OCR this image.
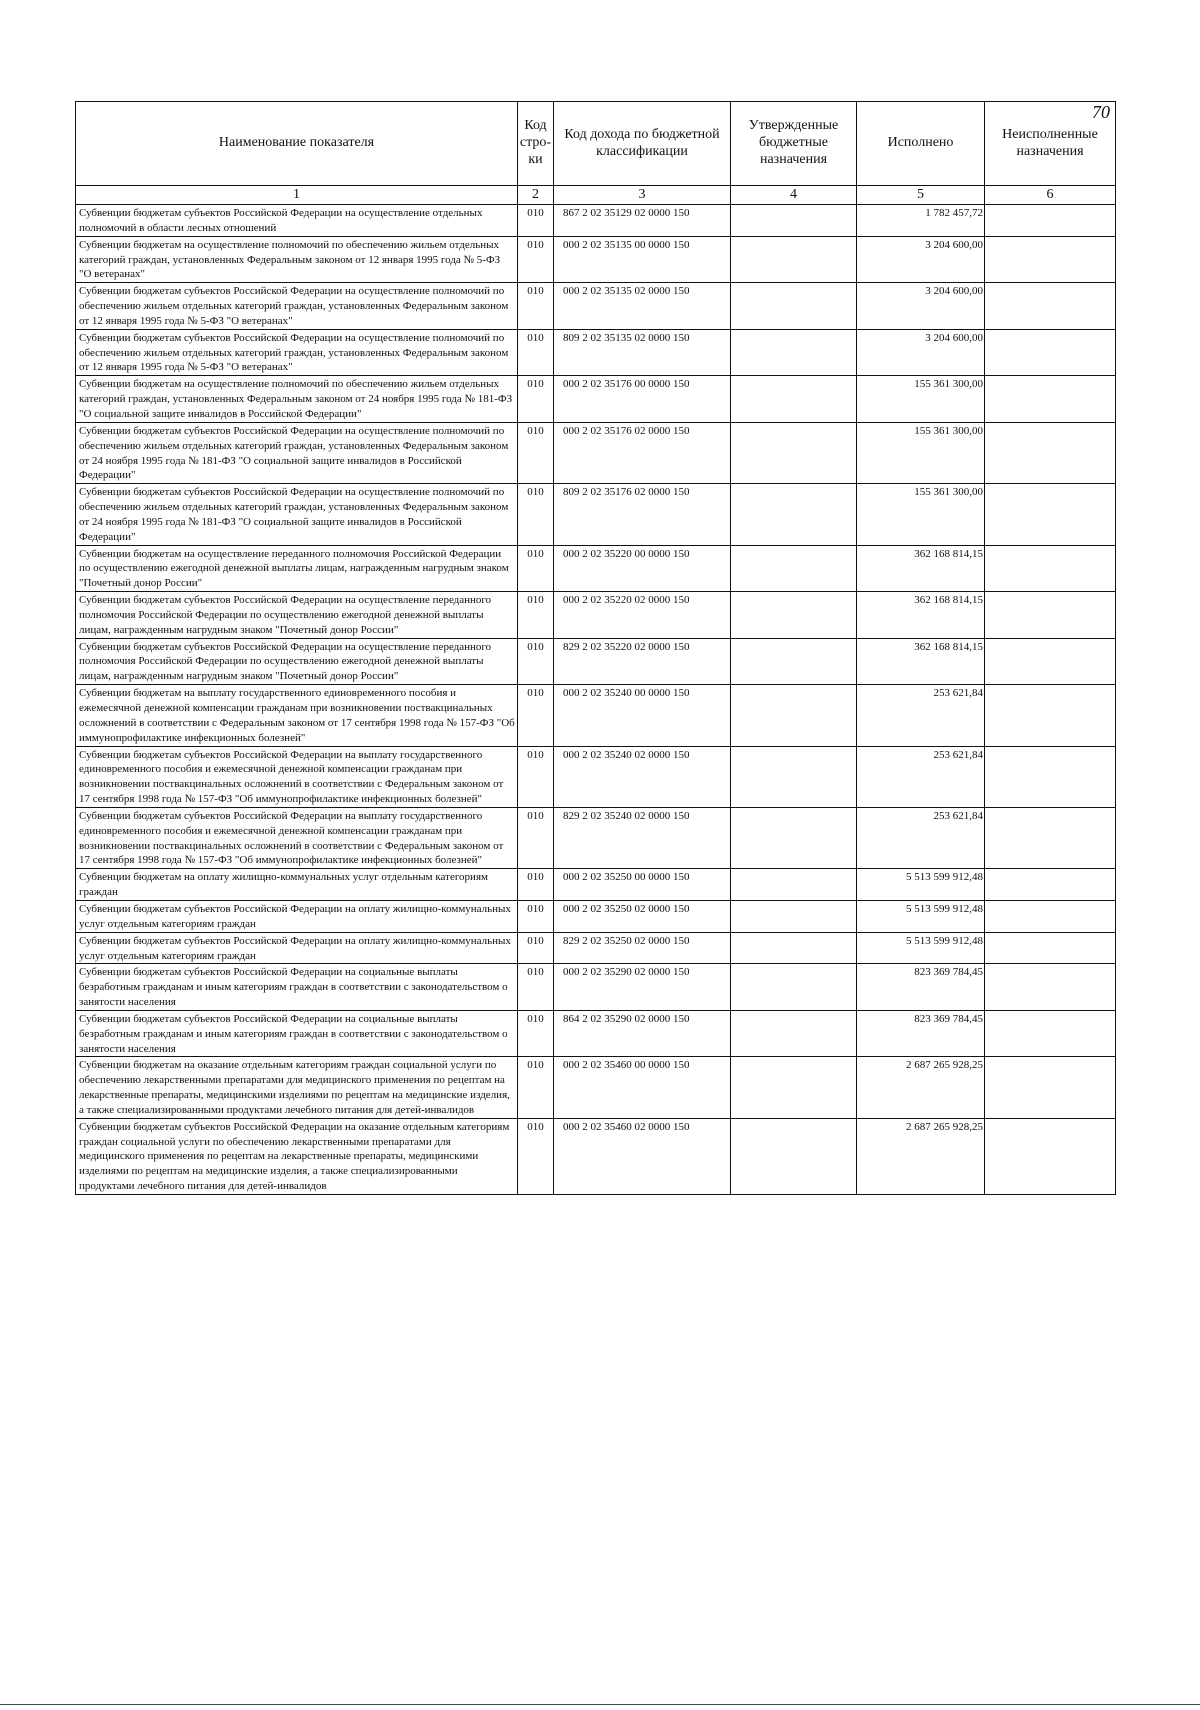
70
Наименование показателя	Код стро-ки	Код дохода по бюджетной классификации	Утвержденные бюджетные назначения	Исполнено	Неисполненные назначения
1	2	3	4	5	6
Субвенции бюджетам субъектов Российской Федерации на осуществление отдельных полномочий в области лесных отношений	010	867 2 02 35129 02 0000 150		1 782 457,72	
Субвенции бюджетам на осуществление полномочий по обеспечению жильем отдельных категорий граждан, установленных Федеральным законом от 12 января 1995 года № 5-ФЗ "О ветеранах"	010	000 2 02 35135 00 0000 150		3 204 600,00	
Субвенции бюджетам субъектов Российской Федерации на осуществление полномочий по обеспечению жильем отдельных категорий граждан, установленных Федеральным законом от 12 января 1995 года № 5-ФЗ "О ветеранах"	010	000 2 02 35135 02 0000 150		3 204 600,00	
Субвенции бюджетам субъектов Российской Федерации на осуществление полномочий по обеспечению жильем отдельных категорий граждан, установленных Федеральным законом от 12 января 1995 года № 5-ФЗ "О ветеранах"	010	809 2 02 35135 02 0000 150		3 204 600,00	
Субвенции бюджетам на осуществление полномочий по обеспечению жильем отдельных категорий граждан, установленных Федеральным законом от 24 ноября 1995 года № 181-ФЗ "О социальной защите инвалидов в Российской Федерации"	010	000 2 02 35176 00 0000 150		155 361 300,00	
Субвенции бюджетам субъектов Российской Федерации на осуществление полномочий по обеспечению жильем отдельных категорий граждан, установленных Федеральным законом от 24 ноября 1995 года № 181-ФЗ "О социальной защите инвалидов в Российской Федерации"	010	000 2 02 35176 02 0000 150		155 361 300,00	
Субвенции бюджетам субъектов Российской Федерации на осуществление полномочий по обеспечению жильем отдельных категорий граждан, установленных Федеральным законом от 24 ноября 1995 года № 181-ФЗ "О социальной защите инвалидов в Российской Федерации"	010	809 2 02 35176 02 0000 150		155 361 300,00	
Субвенции бюджетам на осуществление переданного полномочия Российской Федерации по осуществлению ежегодной денежной выплаты лицам, награжденным нагрудным знаком "Почетный донор России"	010	000 2 02 35220 00 0000 150		362 168 814,15	
Субвенции бюджетам субъектов Российской Федерации на осуществление переданного полномочия Российской Федерации по осуществлению ежегодной денежной выплаты лицам, награжденным нагрудным знаком "Почетный донор России"	010	000 2 02 35220 02 0000 150		362 168 814,15	
Субвенции бюджетам субъектов Российской Федерации на осуществление переданного полномочия Российской Федерации по осуществлению ежегодной денежной выплаты лицам, награжденным нагрудным знаком "Почетный донор России"	010	829 2 02 35220 02 0000 150		362 168 814,15	
Субвенции бюджетам на выплату государственного единовременного пособия и ежемесячной денежной компенсации гражданам при возникновении поствакцинальных осложнений в соответствии с Федеральным законом от 17 сентября 1998 года № 157-ФЗ "Об иммунопрофилактике инфекционных болезней"	010	000 2 02 35240 00 0000 150		253 621,84	
Субвенции бюджетам субъектов Российской Федерации на выплату государственного единовременного пособия и ежемесячной денежной компенсации гражданам при возникновении поствакцинальных осложнений в соответствии с Федеральным законом от 17 сентября 1998 года № 157-ФЗ "Об иммунопрофилактике инфекционных болезней"	010	000 2 02 35240 02 0000 150		253 621,84	
Субвенции бюджетам субъектов Российской Федерации на выплату государственного единовременного пособия и ежемесячной денежной компенсации гражданам при возникновении поствакцинальных осложнений в соответствии с Федеральным законом от 17 сентября 1998 года № 157-ФЗ "Об иммунопрофилактике инфекционных болезней"	010	829 2 02 35240 02 0000 150		253 621,84	
Субвенции бюджетам на оплату жилищно-коммунальных услуг отдельным категориям граждан	010	000 2 02 35250 00 0000 150		5 513 599 912,48	
Субвенции бюджетам субъектов Российской Федерации на оплату жилищно-коммунальных услуг отдельным категориям граждан	010	000 2 02 35250 02 0000 150		5 513 599 912,48	
Субвенции бюджетам субъектов Российской Федерации на оплату жилищно-коммунальных услуг отдельным категориям граждан	010	829 2 02 35250 02 0000 150		5 513 599 912,48	
Субвенции бюджетам субъектов Российской Федерации на социальные выплаты безработным гражданам и иным категориям граждан в соответствии с законодательством о занятости населения	010	000 2 02 35290 02 0000 150		823 369 784,45	
Субвенции бюджетам субъектов Российской Федерации на социальные выплаты безработным гражданам и иным категориям граждан в соответствии с законодательством о занятости населения	010	864 2 02 35290 02 0000 150		823 369 784,45	
Субвенции бюджетам на оказание отдельным категориям граждан социальной услуги по обеспечению лекарственными препаратами для медицинского применения по рецептам на лекарственные препараты, медицинскими изделиями по рецептам на медицинские изделия, а также специализированными продуктами лечебного питания для детей-инвалидов	010	000 2 02 35460 00 0000 150		2 687 265 928,25	
Субвенции бюджетам субъектов Российской Федерации на оказание отдельным категориям граждан социальной услуги по обеспечению лекарственными препаратами для медицинского применения по рецептам на лекарственные препараты, медицинскими изделиями по рецептам на медицинские изделия, а также специализированными продуктами лечебного питания для детей-инвалидов	010	000 2 02 35460 02 0000 150		2 687 265 928,25	
